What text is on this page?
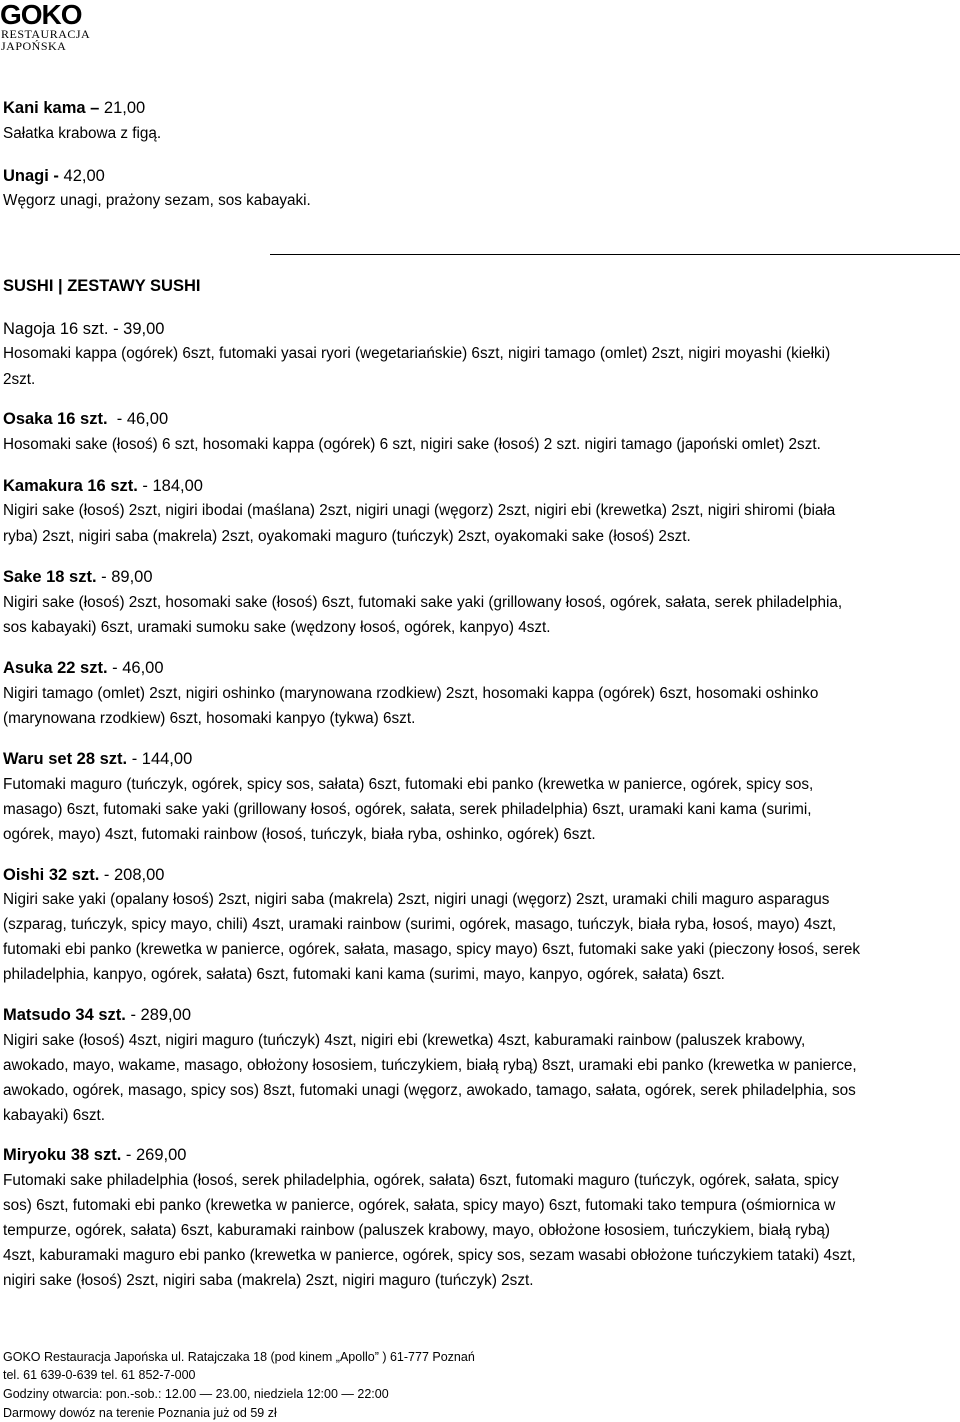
GOKO
RESTAURACJA
JAPOŃSKA
Kani kama – 21,00
Sałatka krabowa z figą.
Unagi - 42,00
Węgorz unagi, prażony sezam, sos kabayaki.
SUSHI | ZESTAWY SUSHI
Nagoja 16 szt. - 39,00
Hosomaki kappa (ogórek) 6szt, futomaki yasai ryori (wegetariańskie) 6szt, nigiri tamago (omlet) 2szt, nigiri moyashi (kiełki)
2szt.
Osaka 16 szt. - 46,00
Hosomaki sake (łosoś) 6 szt, hosomaki kappa (ogórek) 6 szt, nigiri sake (łosoś) 2 szt. nigiri tamago (japoński omlet) 2szt.
Kamakura 16 szt. - 184,00
Nigiri sake (łosoś) 2szt, nigiri ibodai (maślana) 2szt, nigiri unagi (węgorz) 2szt, nigiri ebi (krewetka) 2szt, nigiri shiromi (biała
ryba) 2szt, nigiri saba (makrela) 2szt, oyakomaki maguro (tuńczyk) 2szt, oyakomaki sake (łosoś) 2szt.
Sake 18 szt. - 89,00
Nigiri sake (łosoś) 2szt, hosomaki sake (łosoś) 6szt, futomaki sake yaki (grillowany łosoś, ogórek, sałata, serek philadelphia,
sos kabayaki) 6szt, uramaki sumoku sake (wędzony łosoś, ogórek, kanpyo) 4szt.
Asuka 22 szt. - 46,00
Nigiri tamago (omlet) 2szt, nigiri oshinko (marynowana rzodkiew) 2szt, hosomaki kappa (ogórek) 6szt, hosomaki oshinko
(marynowana rzodkiew) 6szt, hosomaki kanpyo (tykwa) 6szt.
Waru set 28 szt. - 144,00
Futomaki maguro (tuńczyk, ogórek, spicy sos, sałata) 6szt, futomaki ebi panko (krewetka w panierce, ogórek, spicy sos,
masago) 6szt, futomaki sake yaki (grillowany łosoś, ogórek, sałata, serek philadelphia) 6szt, uramaki kani kama (surimi,
ogórek, mayo) 4szt, futomaki rainbow (łosoś, tuńczyk, biała ryba, oshinko, ogórek) 6szt.
Oishi 32 szt. - 208,00
Nigiri sake yaki (opalany łosoś) 2szt, nigiri saba (makrela) 2szt, nigiri unagi (węgorz) 2szt, uramaki chili maguro asparagus
(szparag, tuńczyk, spicy mayo, chili) 4szt, uramaki rainbow (surimi, ogórek, masago, tuńczyk, biała ryba, łosoś, mayo) 4szt,
futomaki ebi panko (krewetka w panierce, ogórek, sałata, masago, spicy mayo) 6szt, futomaki sake yaki (pieczony łosoś, serek
philadelphia, kanpyo, ogórek, sałata) 6szt, futomaki kani kama (surimi, mayo, kanpyo, ogórek, sałata) 6szt.
Matsudo 34 szt. - 289,00
Nigiri sake (łosoś) 4szt, nigiri maguro (tuńczyk) 4szt, nigiri ebi (krewetka) 4szt, kaburamaki rainbow (paluszek krabowy,
awokado, mayo, wakame, masago, obłożony łososiem, tuńczykiem, białą rybą) 8szt, uramaki ebi panko (krewetka w panierce,
awokado, ogórek, masago, spicy sos) 8szt, futomaki unagi (węgorz, awokado, tamago, sałata, ogórek, serek philadelphia, sos
kabayaki) 6szt.
Miryoku 38 szt. - 269,00
Futomaki sake philadelphia (łosoś, serek philadelphia, ogórek, sałata) 6szt, futomaki maguro (tuńczyk, ogórek, sałata, spicy
sos) 6szt, futomaki ebi panko (krewetka w panierce, ogórek, sałata, spicy mayo) 6szt, futomaki tako tempura (ośmiornica w
tempurze, ogórek, sałata) 6szt, kaburamaki rainbow (paluszek krabowy, mayo, obłożone łososiem, tuńczykiem, białą rybą)
4szt, kaburamaki maguro ebi panko (krewetka w panierce, ogórek, spicy sos, sezam wasabi obłożone tuńczykiem tataki) 4szt,
nigiri sake (łosoś) 2szt, nigiri saba (makrela) 2szt, nigiri maguro (tuńczyk) 2szt.
GOKO Restauracja Japońska ul. Ratajczaka 18 (pod kinem „Apollo” ) 61-777 Poznań
tel. 61 639-0-639 tel. 61 852-7-000
Godziny otwarcia: pon.-sob.: 12.00 — 23.00, niedziela 12:00 — 22:00
Darmowy dowóz na terenie Poznania już od 59 zł
